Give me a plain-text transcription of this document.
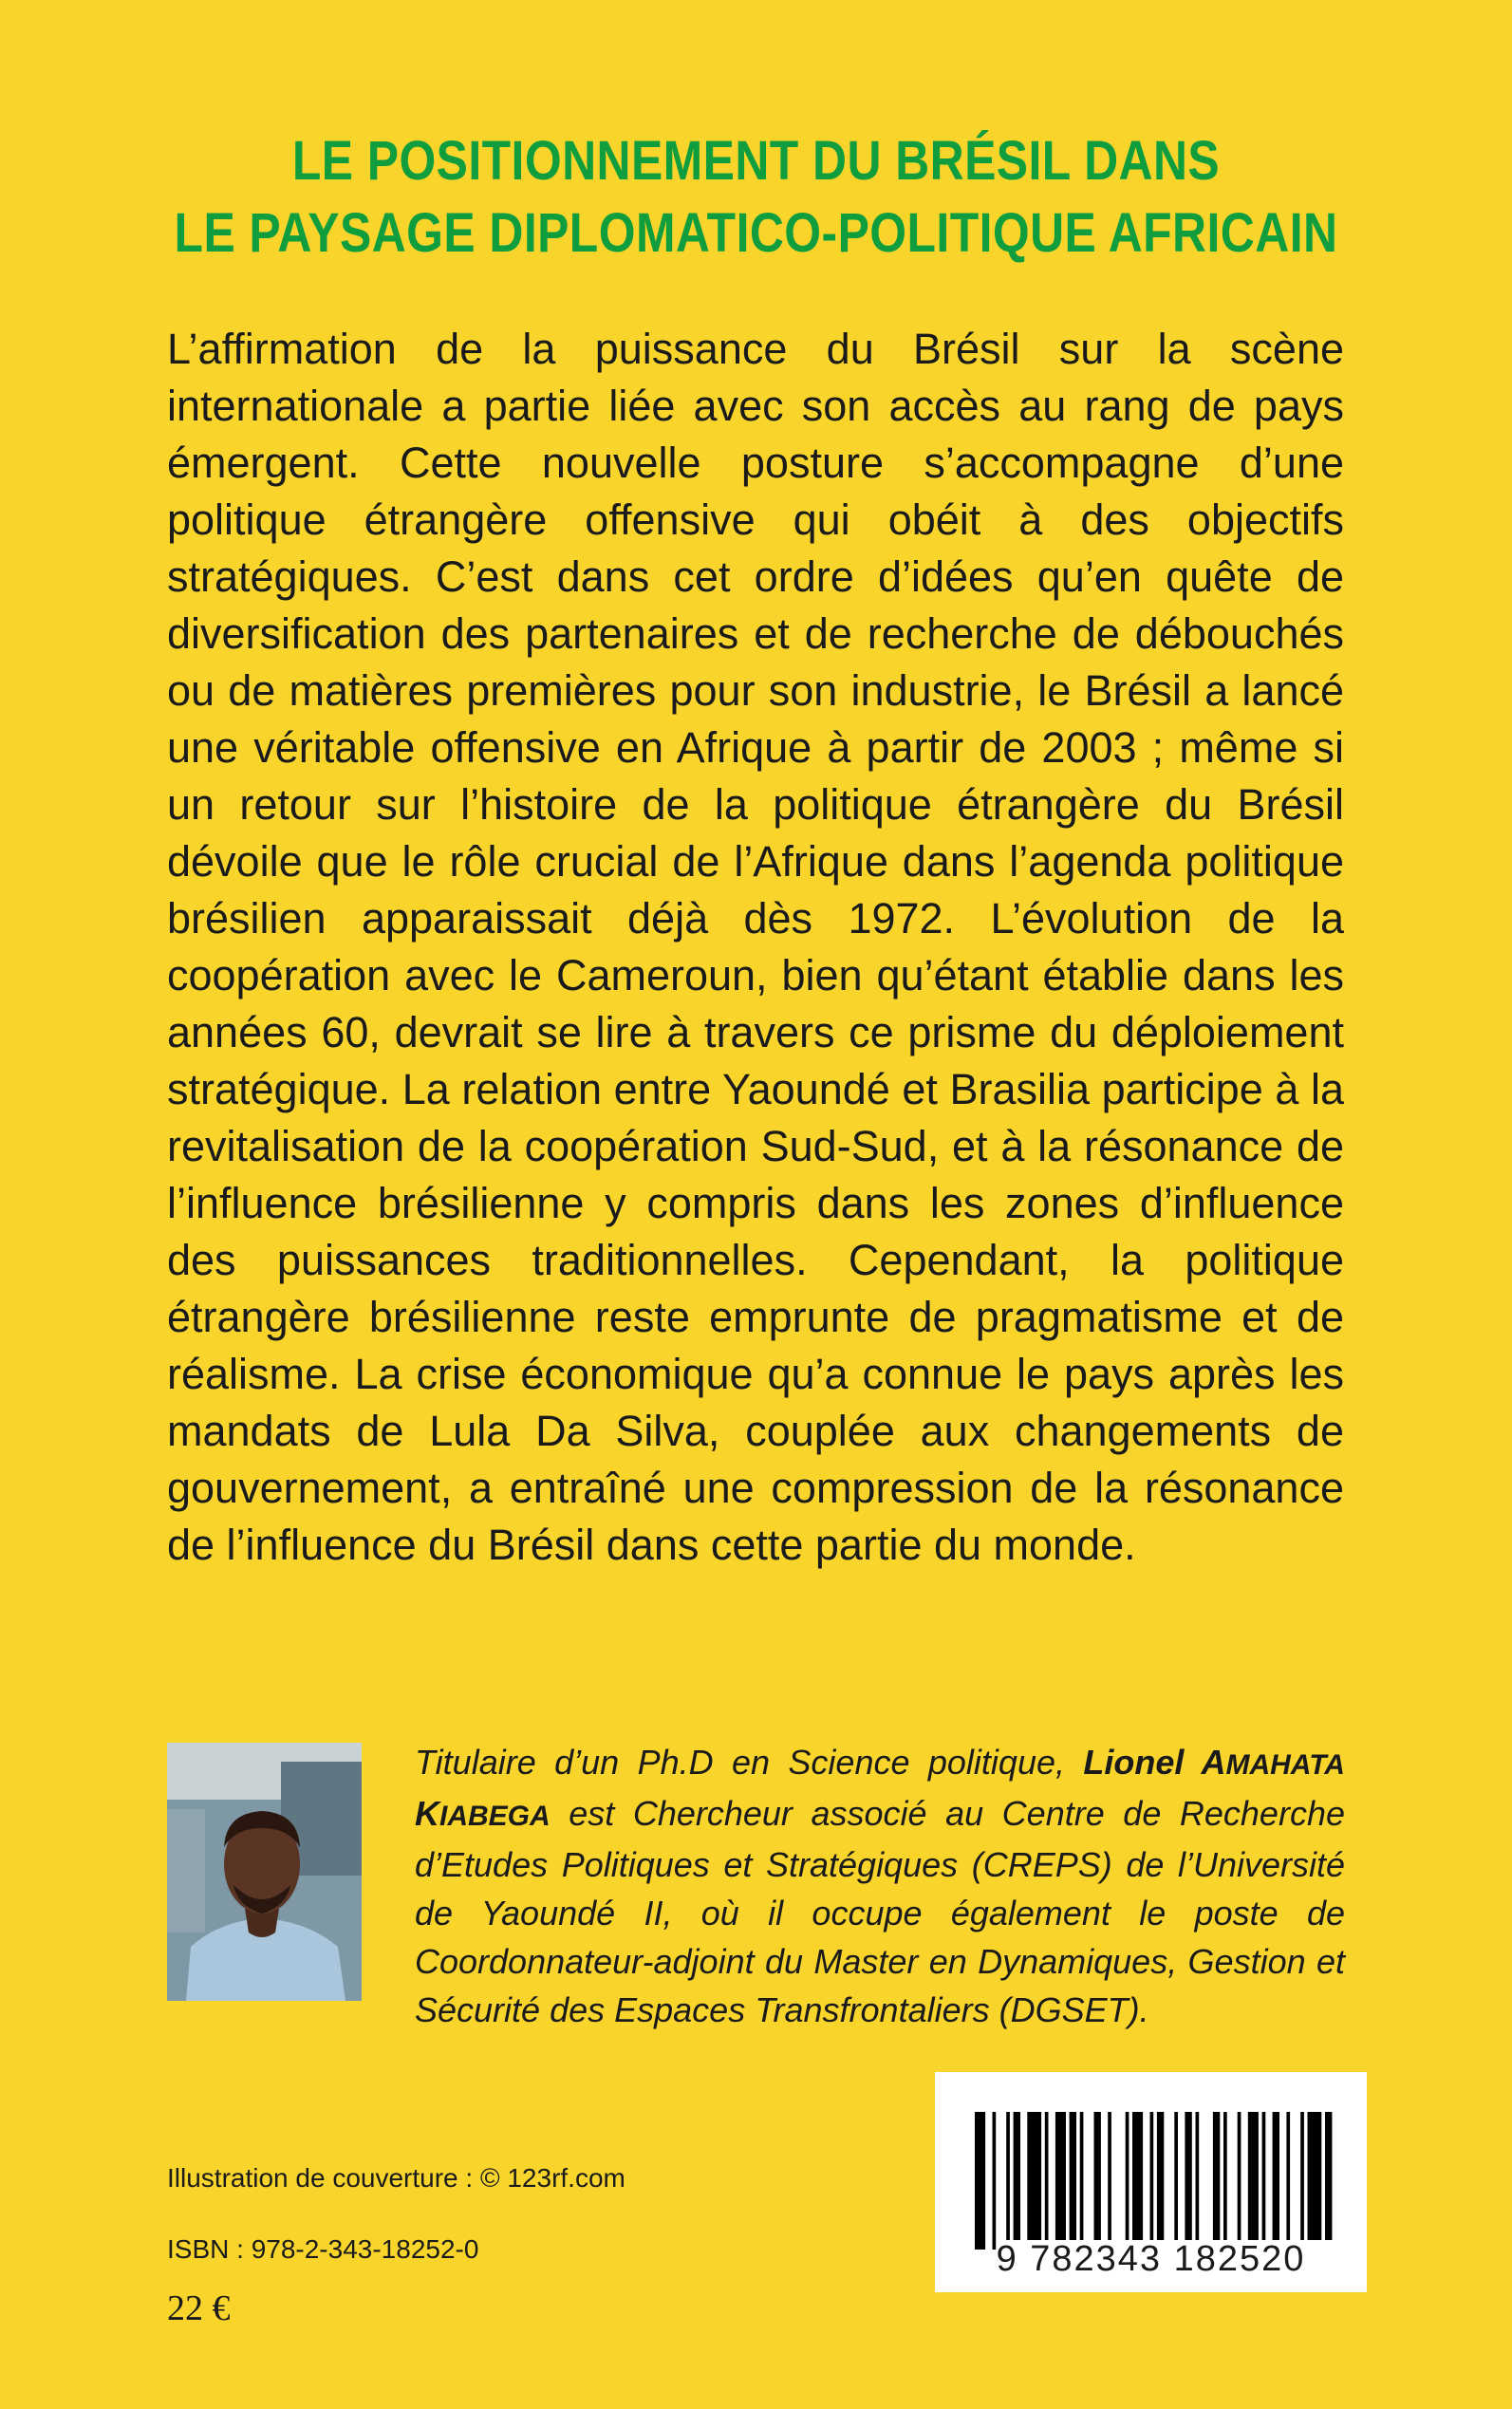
LE POSITIONNEMENT DU BRÉSIL DANS
LE PAYSAGE DIPLOMATICO-POLITIQUE AFRICAIN

L’affirmation de la puissance du Brésil sur la scène internationale a partie liée avec son accès au rang de pays émergent. Cette nouvelle posture s’accompagne d’une politique étrangère offensive qui obéit à des objectifs stratégiques. C’est dans cet ordre d’idées qu’en quête de diversification des partenaires et de recherche de débouchés ou de matières premières pour son industrie, le Brésil a lancé une véritable offensive en Afrique à partir de 2003 ; même si un retour sur l’histoire de la politique étrangère du Brésil dévoile que le rôle crucial de l’Afrique dans l’agenda politique brésilien apparaissait déjà dès 1972. L’évolution de la coopération avec le Cameroun, bien qu’étant établie dans les années 60, devrait se lire à travers ce prisme du déploiement stratégique. La relation entre Yaoundé et Brasilia participe à la revitalisation de la coopération Sud-Sud, et à la résonance de l’influence brésilienne y compris dans les zones d’influence des puissances traditionnelles. Cependant, la politique étrangère brésilienne reste emprunte de pragmatisme et de réalisme. La crise économique qu’a connue le pays après les mandats de Lula Da Silva, couplée aux changements de gouvernement, a entraîné une compression de la résonance de l’influence du Brésil dans cette partie du monde.

Titulaire d’un Ph.D en Science politique, Lionel AMAHATA KIABEGA est Chercheur associé au Centre de Recherche d’Etudes Politiques et Stratégiques (CREPS) de l’Université de Yaoundé II, où il occupe également le poste de Coordonnateur-adjoint du Master en Dynamiques, Gestion et Sécurité des Espaces Transfrontaliers (DGSET).

Illustration de couverture : © 123rf.com

ISBN : 978-2-343-18252-0

22 €

9 782343 182520
